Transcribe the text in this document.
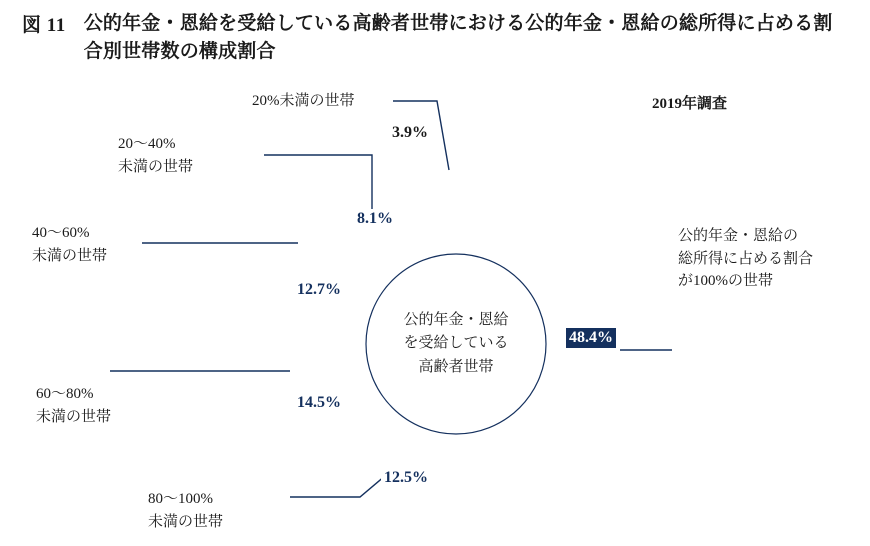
図 11 公的年金・恩給を受給している高齢者世帯における公的年金・恩給の総所得に占める割合別世帯数の構成割合
2019年調査
公的年金・恩給
を受給している
高齢者世帯
48.4%
12.5%
14.5%
12.7%
8.1%
3.9%
20%未満の世帯
20〜40%
未満の世帯
40〜60%
未満の世帯
60〜80%
未満の世帯
80〜100%
未満の世帯
公的年金・恩給の
総所得に占める割合
が100%の世帯
